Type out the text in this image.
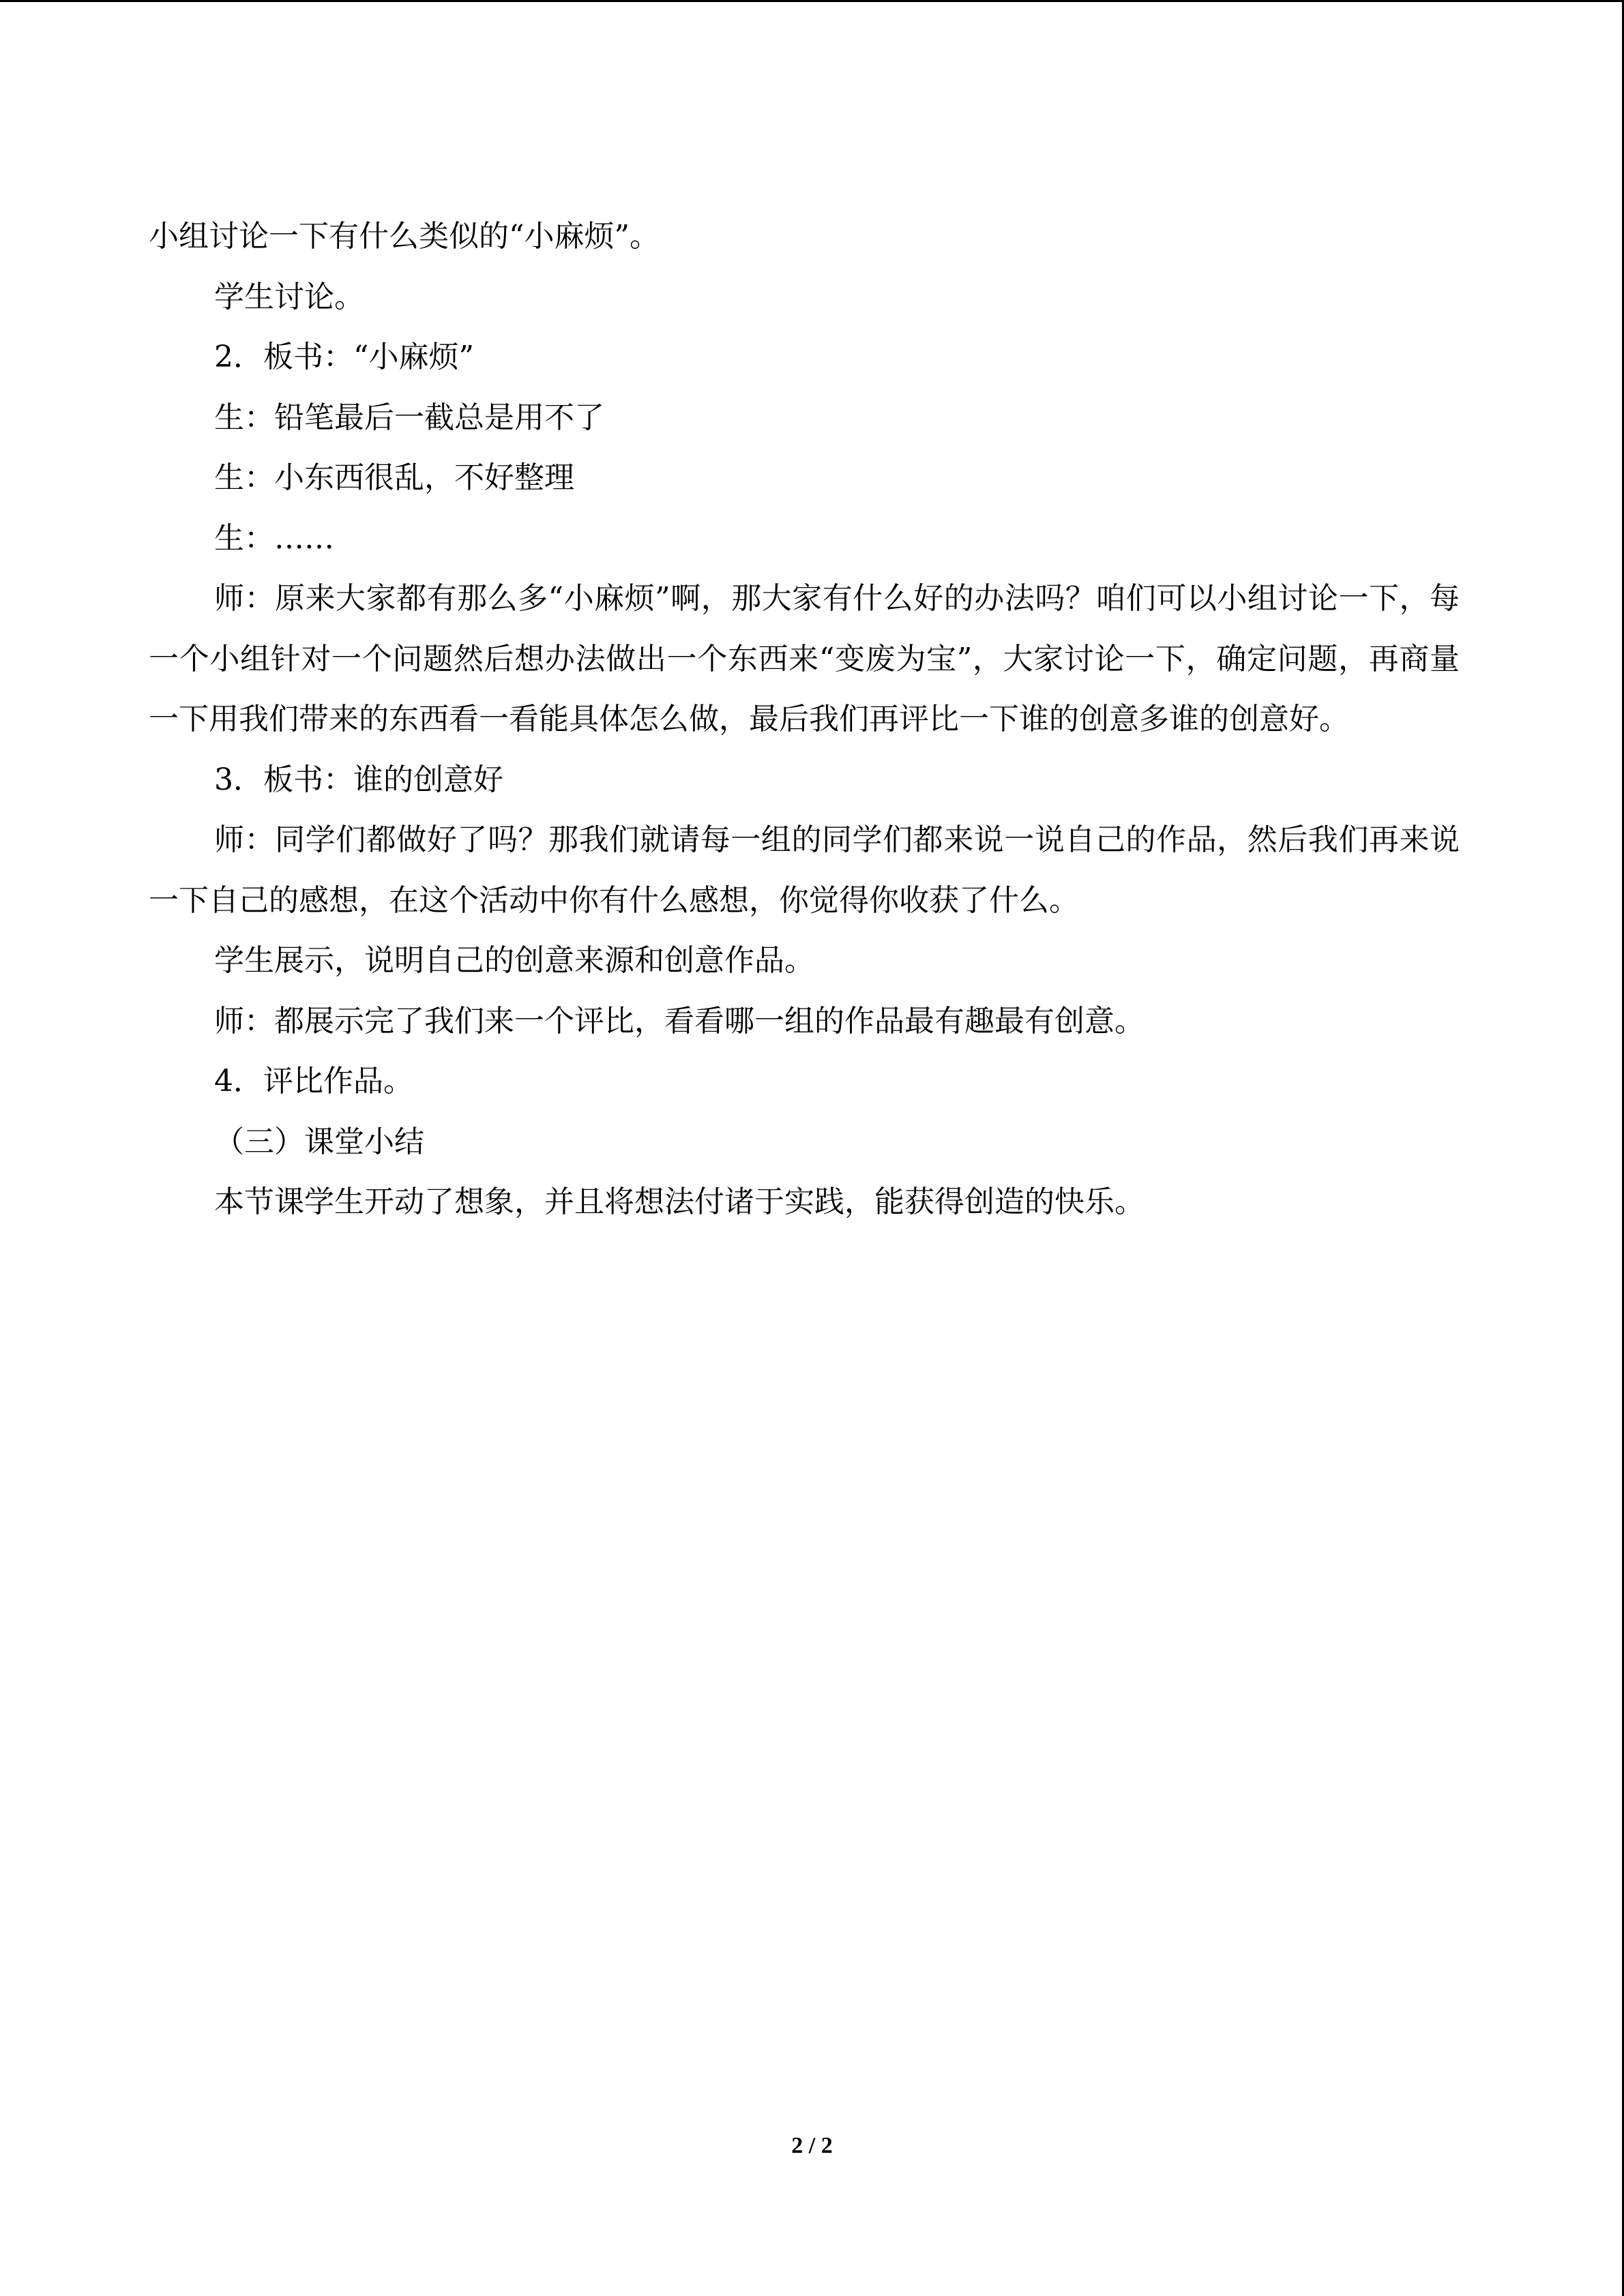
小组讨论一下有什么类似的“小麻烦”。

学生讨论。

2．板书：“小麻烦”

生：铅笔最后一截总是用不了

生：小东西很乱，不好整理

生：……

师：原来大家都有那么多“小麻烦”啊，那大家有什么好的办法吗？咱们可以小组讨论一下，每一个小组针对一个问题然后想办法做出一个东西来“变废为宝”，大家讨论一下，确定问题，再商量一下用我们带来的东西看一看能具体怎么做，最后我们再评比一下谁的创意多谁的创意好。

3．板书：谁的创意好

师：同学们都做好了吗？那我们就请每一组的同学们都来说一说自己的作品，然后我们再来说一下自己的感想，在这个活动中你有什么感想，你觉得你收获了什么。

学生展示，说明自己的创意来源和创意作品。

师：都展示完了我们来一个评比，看看哪一组的作品最有趣最有创意。

4．评比作品。

（三）课堂小结

本节课学生开动了想象，并且将想法付诸于实践，能获得创造的快乐。

2 / 2
